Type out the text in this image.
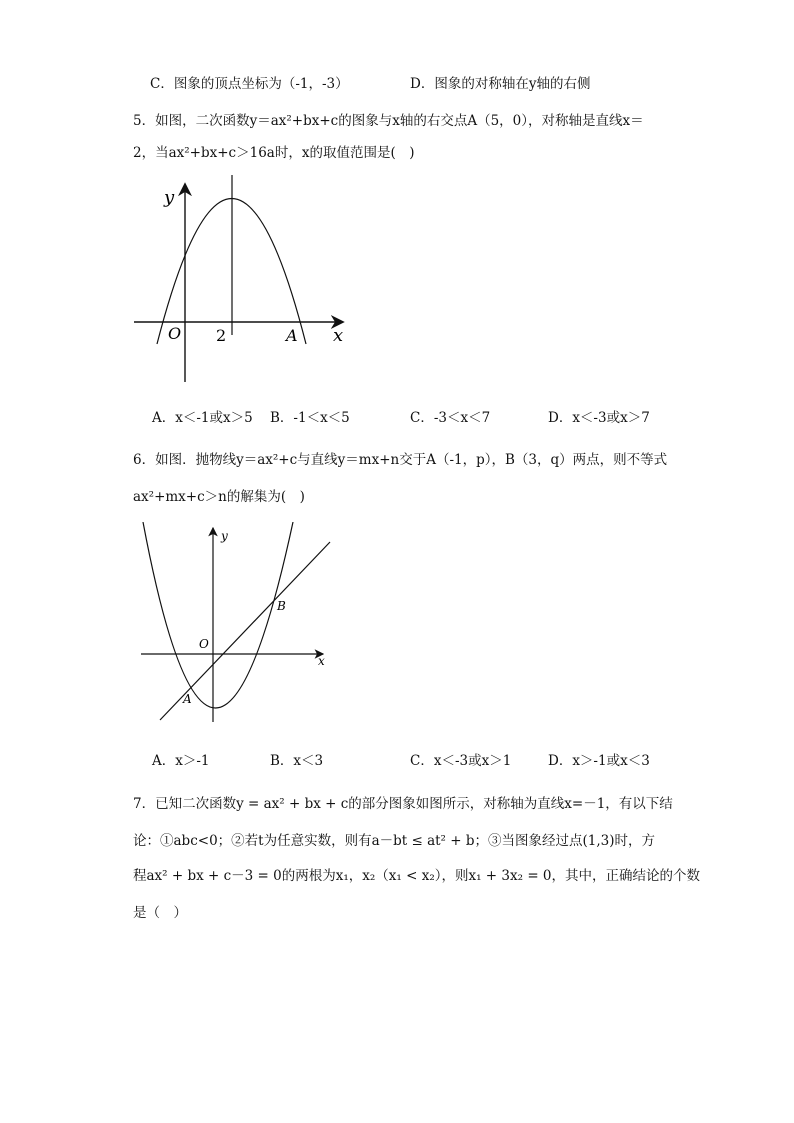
C．图象的顶点坐标为（-1，-3）	D．图象的对称轴在y轴的右侧
5．如图，二次函数y＝ax²+bx+c的图象与x轴的右交点A（5，0），对称轴是直线x＝
2，当ax²+bx+c＞16a时，x的取值范围是(　)
y
x
O 2	A
A．x＜-1或x＞5 B．-1＜x＜5	C．-3＜x＜7	D．x＜-3或x＞7
6．如图．抛物线y＝ax²+c与直线y＝mx+n交于A（-1，p），B（3，q）两点，则不等式
ax²+mx+c＞n的解集为(　)
y
x
O
A
B
A．x＞-1	B．x＜3	C．x＜-3或x＞1	D．x＞-1或x＜3
7．已知二次函数y = ax² + bx + c的部分图象如图所示，对称轴为直线x=－1，有以下结
论：①abc<0；②若t为任意实数，则有a－bt ≤ at² + b；③当图象经过点(1,3)时，方
程ax² + bx + c－3 = 0的两根为x₁，x₂（x₁ < x₂），则x₁ + 3x₂ = 0，其中，正确结论的个数
是（　）
